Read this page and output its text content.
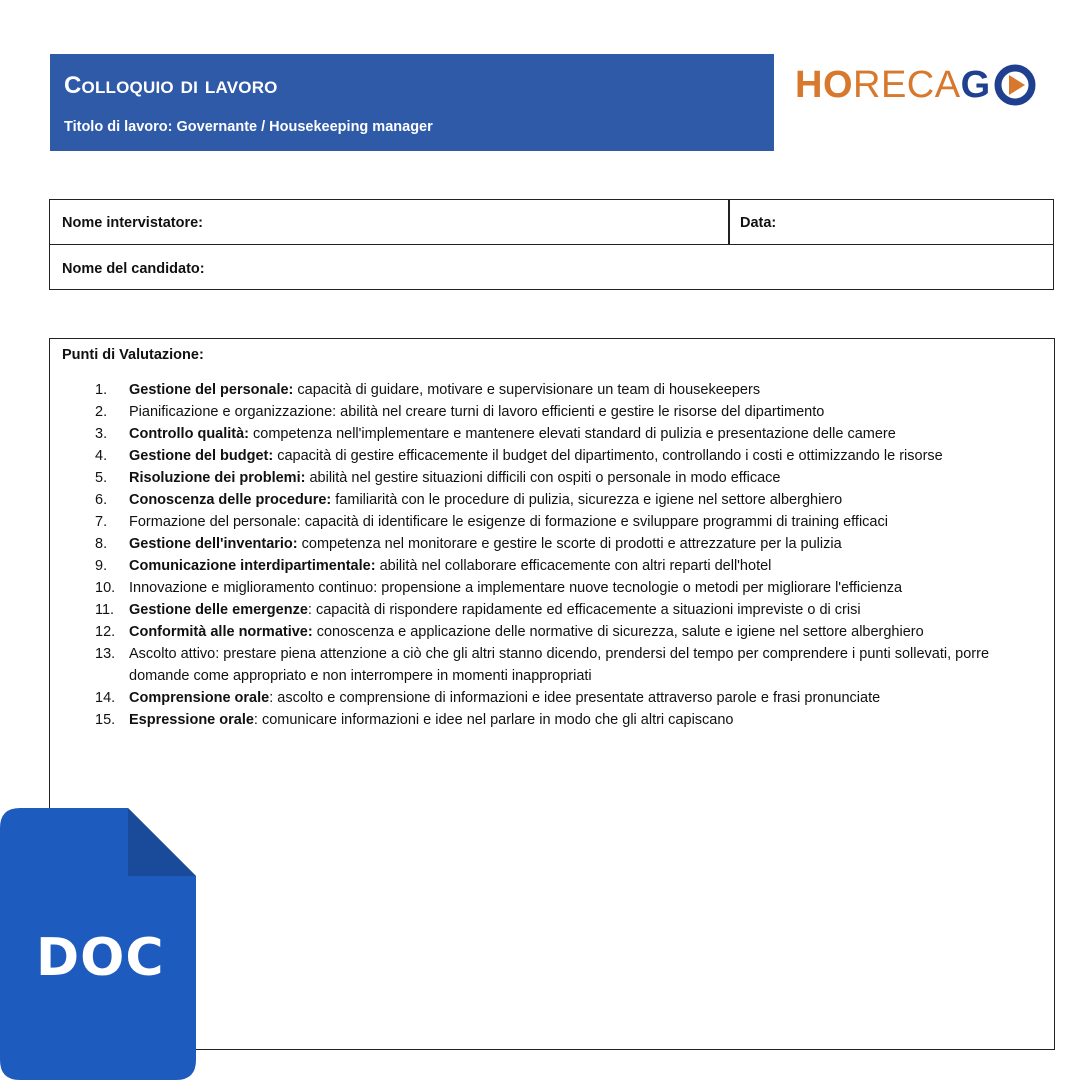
Colloquio di lavoro
Titolo di lavoro: Governante / Housekeeping manager
HORECAG
Nome intervistatore:	Data:
Nome del candidato:
Punti di Valutazione:
1. Gestione del personale: capacità di guidare, motivare e supervisionare un team di housekeepers
2. Pianificazione e organizzazione: abilità nel creare turni di lavoro efficienti e gestire le risorse del dipartimento
3. Controllo qualità: competenza nell'implementare e mantenere elevati standard di pulizia e presentazione delle camere
4. Gestione del budget: capacità di gestire efficacemente il budget del dipartimento, controllando i costi e ottimizzando le risorse
5. Risoluzione dei problemi: abilità nel gestire situazioni difficili con ospiti o personale in modo efficace
6. Conoscenza delle procedure: familiarità con le procedure di pulizia, sicurezza e igiene nel settore alberghiero
7. Formazione del personale: capacità di identificare le esigenze di formazione e sviluppare programmi di training efficaci
8. Gestione dell'inventario: competenza nel monitorare e gestire le scorte di prodotti e attrezzature per la pulizia
9. Comunicazione interdipartimentale: abilità nel collaborare efficacemente con altri reparti dell'hotel
10. Innovazione e miglioramento continuo: propensione a implementare nuove tecnologie o metodi per migliorare l'efficienza
11. Gestione delle emergenze: capacità di rispondere rapidamente ed efficacemente a situazioni impreviste o di crisi
12. Conformità alle normative: conoscenza e applicazione delle normative di sicurezza, salute e igiene nel settore alberghiero
13. Ascolto attivo: prestare piena attenzione a ciò che gli altri stanno dicendo, prendersi del tempo per comprendere i punti sollevati, porre domande come appropriato e non interrompere in momenti inappropriati
14. Comprensione orale: ascolto e comprensione di informazioni e idee presentate attraverso parole e frasi pronunciate
15. Espressione orale: comunicare informazioni e idee nel parlare in modo che gli altri capiscano
DOC
